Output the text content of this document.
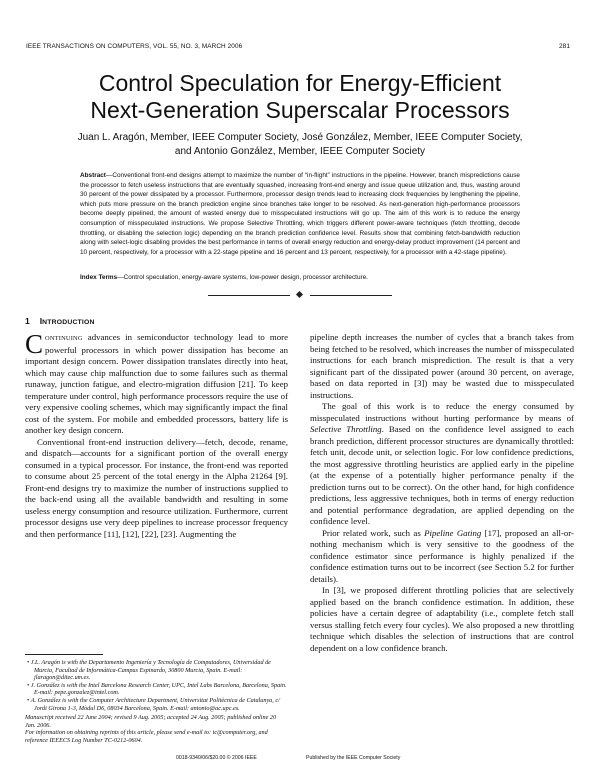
IEEE TRANSACTIONS ON COMPUTERS, VOL. 55, NO. 3, MARCH 2006	281
Control Speculation for Energy-Efficient
Next-Generation Superscalar Processors
Juan L. Aragón, Member, IEEE Computer Society, José González, Member, IEEE Computer Society,
and Antonio González, Member, IEEE Computer Society
Abstract—Conventional front-end designs attempt to maximize the number of “in-flight” instructions in the pipeline. However, branch mispredictions cause the processor to fetch useless instructions that are eventually squashed, increasing front-end energy and issue queue utilization and, thus, wasting around 30 percent of the power dissipated by a processor. Furthermore, processor design trends lead to increasing clock frequencies by lengthening the pipeline, which puts more pressure on the branch prediction engine since branches take longer to be resolved. As next-generation high-performance processors become deeply pipelined, the amount of wasted energy due to misspeculated instructions will go up. The aim of this work is to reduce the energy consumption of misspeculated instructions. We propose Selective Throttling, which triggers different power-aware techniques (fetch throttling, decode throttling, or disabling the selection logic) depending on the branch prediction confidence level. Results show that combining fetch-bandwidth reduction along with select-logic disabling provides the best performance in terms of overall energy reduction and energy-delay product improvement (14 percent and 10 percent, respectively, for a processor with a 22-stage pipeline and 16 percent and 13 percent, respectively, for a processor with a 42-stage pipeline).
Index Terms—Control speculation, energy-aware systems, low-power design, processor architecture.
1 INTRODUCTION

CONTINUING advances in semiconductor technology lead to more powerful processors in which power dissipation has become an important design concern. Power dissipation translates directly into heat, which may cause chip malfunction due to some failures such as thermal runaway, junction fatigue, and electro-migration diffusion [21]. To keep temperature under control, high performance processors require the use of very expensive cooling schemes, which may significantly impact the final cost of the system. For mobile and embedded processors, battery life is another key design concern.

Conventional front-end instruction delivery—fetch, decode, rename, and dispatch—accounts for a significant portion of the overall energy consumed in a typical processor. For instance, the front-end was reported to consume about 25 percent of the total energy in the Alpha 21264 [9]. Front-end designs try to maximize the number of instructions supplied to the back-end using all the available bandwidth and resulting in some useless energy consumption and resource utilization. Furthermore, current processor designs use very deep pipelines to increase processor frequency and then performance [11], [12], [22], [23]. Augmenting the

pipeline depth increases the number of cycles that a branch takes from being fetched to be resolved, which increases the number of misspeculated instructions for each branch misprediction. The result is that a very significant part of the dissipated power (around 30 percent, on average, based on data reported in [3]) may be wasted due to misspeculated instructions.

The goal of this work is to reduce the energy consumed by misspeculated instructions without hurting performance by means of Selective Throttling. Based on the confidence level assigned to each branch prediction, different processor structures are dynamically throttled: fetch unit, decode unit, or selection logic. For low confidence predictions, the most aggressive throttling heuristics are applied early in the pipeline (at the expense of a potentially higher performance penalty if the prediction turns out to be correct). On the other hand, for high confidence predictions, less aggressive techniques, both in terms of energy reduction and potential performance degradation, are applied depending on the confidence level.

Prior related work, such as Pipeline Gating [17], proposed an all-or-nothing mechanism which is very sensitive to the goodness of the confidence estimator since performance is highly penalized if the confidence estimation turns out to be incorrect (see Section 5.2 for further details).

In [3], we proposed different throttling policies that are selectively applied based on the branch confidence estimation. In addition, these policies have a certain degree of adaptability (i.e., complete fetch stall versus stalling fetch every four cycles). We also proposed a new throttling technique which disables the selection of instructions that are control dependent on a low confidence branch.

• J.L. Aragón is with the Departamento Ingeniería y Tecnología de Computadores, Universidad de Murcia, Facultad de Informática-Campus Espinardo, 30800 Murcia, Spain. E-mail: jlaragon@ditec.um.es.
• J. González is with the Intel Barcelona Research Center, UPC, Intel Labs Barcelona, Barcelona, Spain. E-mail: pepe.gonzalez@intel.com.
• A. González is with the Computer Architecture Department, Universitat Politècnica de Catalunya, c/ Jordi Girona 1-3, Mòdul D6, 08034 Barcelona, Spain. E-mail: antonio@ac.upc.es.
Manuscript received 22 June 2004; revised 9 Aug. 2005; accepted 24 Aug. 2005; published online 20 Jan. 2006.
For information on obtaining reprints of this article, please send e-mail to: tc@computer.org, and reference IEEECS Log Number TC-0212-0604.
0018-9340/06/$20.00 © 2006 IEEE	Published by the IEEE Computer Society
